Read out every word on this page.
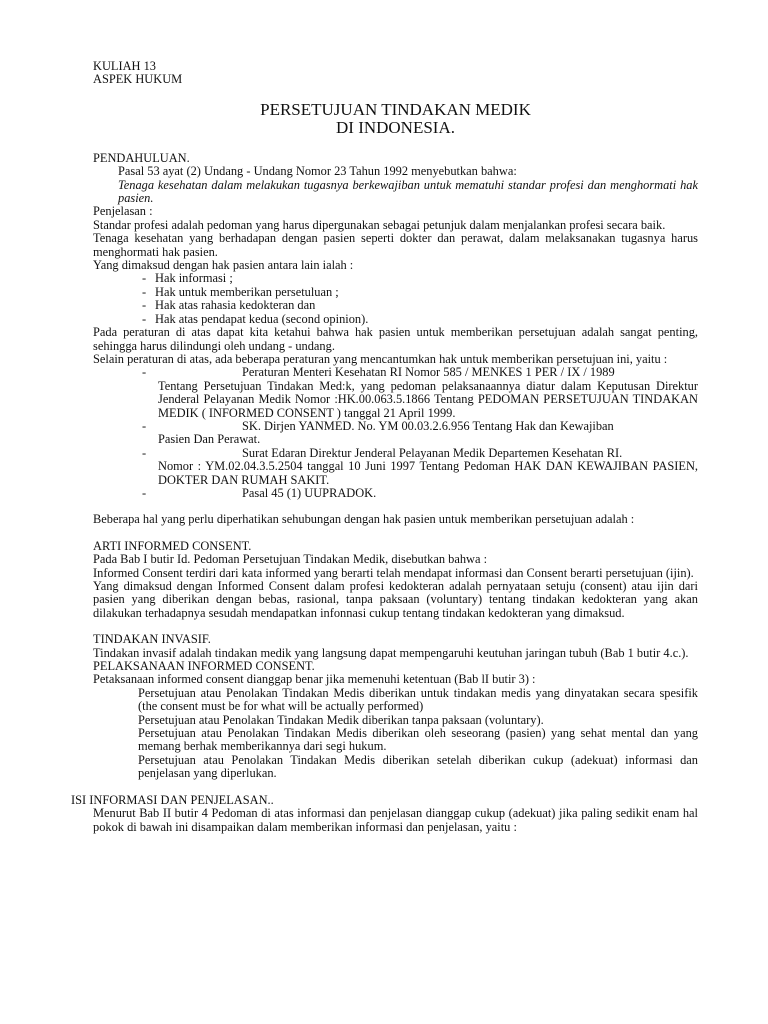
KULIAH 13

ASPEK HUKUM

PERSETUJUAN TINDAKAN MEDIK
DI INDONESIA.

PENDAHULUAN.

Pasal 53 ayat (2) Undang - Undang Nomor 23 Tahun 1992 menyebutkan bahwa:

Tenaga kesehatan dalam melakukan tugasnya berkewajiban untuk mematuhi standar profesi dan menghormati hak pasien.

Penjelasan :

Standar profesi adalah pedoman yang harus dipergunakan sebagai petunjuk dalam menjalankan profesi secara baik.

Tenaga kesehatan yang berhadapan dengan pasien seperti dokter dan perawat, dalam melaksanakan tugasnya harus menghormati hak pasien.

Yang dimaksud dengan hak pasien antara lain ialah :

- Hak informasi ;
- Hak untuk memberikan persetuluan ;
- Hak atas rahasia kedokteran dan
- Hak atas pendapat kedua (second opinion).

Pada peraturan di atas dapat kita ketahui bahwa hak pasien untuk memberikan persetujuan adalah sangat penting, sehingga harus dilindungi oleh undang - undang.

Selain peraturan di atas, ada beberapa peraturan yang mencantumkan hak untuk memberikan persetujuan ini, yaitu :

-	Peraturan Menteri Kesehatan RI Nomor 585 / MENKES 1 PER / IX / 1989
Tentang Persetujuan Tindakan Med:k, yang pedoman pelaksanaannya diatur dalam Keputusan Direktur Jenderal Pelayanan Medik Nomor :HK.00.063.5.1866 Tentang PEDOMAN PERSETUJUAN TINDAKAN MEDIK ( INFORMED CONSENT ) tanggal 21 April 1999.
-	SK. Dirjen YANMED. No. YM 00.03.2.6.956 Tentang Hak dan Kewajiban
Pasien Dan Perawat.
-	Surat Edaran Direktur Jenderal Pelayanan Medik Departemen Kesehatan RI.
Nomor : YM.02.04.3.5.2504 tanggal 10 Juni 1997 Tentang Pedoman HAK DAN KEWAJIBAN PASIEN, DOKTER DAN RUMAH SAKIT.
-	Pasal 45 (1) UUPRADOK.

Beberapa hal yang perlu diperhatikan sehubungan dengan hak pasien untuk memberikan persetujuan adalah :

ARTI INFORMED CONSENT.

Pada Bab I butir Id. Pedoman Persetujuan Tindakan Medik, disebutkan bahwa :

Informed Consent terdiri dari kata informed yang berarti telah mendapat informasi dan Consent berarti persetujuan (ijin).

Yang dimaksud dengan Informed Consent dalam profesi kedokteran adalah pernyataan setuju (consent) atau ijin dari pasien yang diberikan dengan bebas, rasional, tanpa paksaan (voluntary) tentang tindakan kedokteran yang akan dilakukan terhadapnya sesudah mendapatkan infonnasi cukup tentang tindakan kedokteran yang dimaksud.

TINDAKAN INVASIF.

Tindakan invasif adalah tindakan medik yang langsung dapat mempengaruhi keutuhan jaringan tubuh (Bab 1 butir 4.c.).

PELAKSANAAN INFORMED CONSENT.

Petaksanaan informed consent dianggap benar jika memenuhi ketentuan (Bab lI butir 3) :

Persetujuan atau Penolakan Tindakan Medis diberikan untuk tindakan medis yang dinyatakan secara spesifik (the consent must be for what will be actually performed)

Persetujuan atau Penolakan Tindakan Medik diberikan tanpa paksaan (voluntary).

Persetujuan atau Penolakan Tindakan Medis diberikan oleh seseorang (pasien) yang sehat mental dan yang memang berhak memberikannya dari segi hukum.

Persetujuan atau Penolakan Tindakan Medis diberikan setelah diberikan cukup (adekuat) informasi dan penjelasan yang diperlukan.

ISI INFORMASI DAN PENJELASAN..

Menurut Bab II butir 4 Pedoman di atas informasi dan penjelasan dianggap cukup (adekuat) jika paling sedikit enam hal pokok di bawah ini disampaikan dalam memberikan informasi dan penjelasan, yaitu :
